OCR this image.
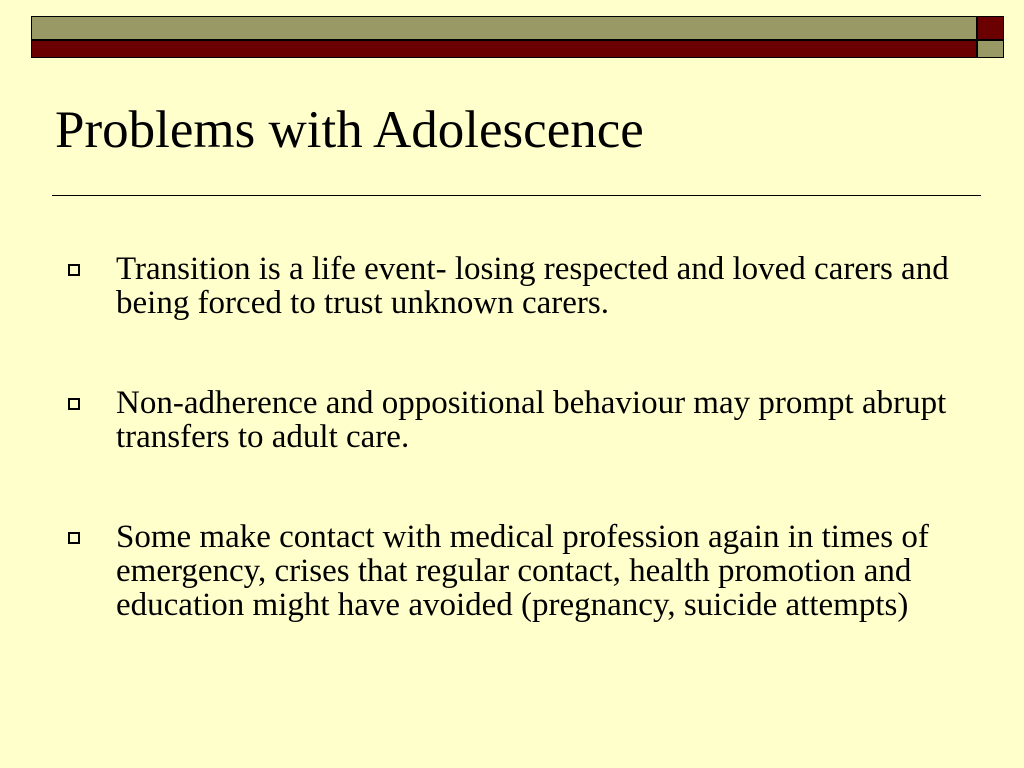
Problems with Adolescence
Transition is a life event- losing respected and loved carers and being forced to trust unknown carers.
Non-adherence and oppositional behaviour may prompt abrupt transfers to adult care.
Some make contact with medical profession again in times of emergency, crises that regular contact, health promotion and education might have avoided (pregnancy, suicide attempts)
